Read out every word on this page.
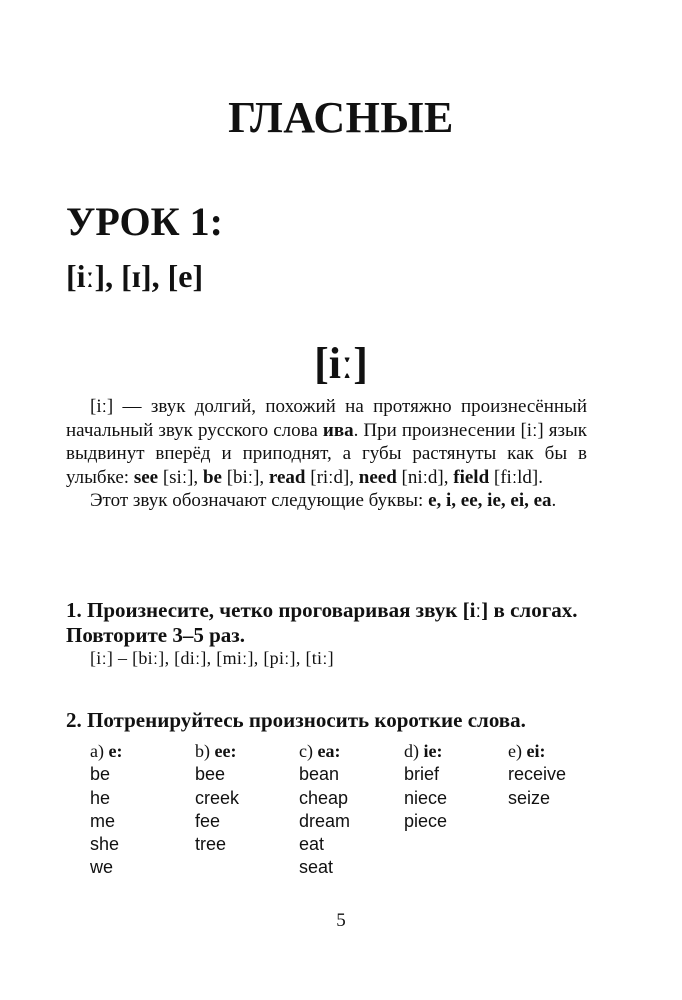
ГЛАСНЫЕ
УРОК 1:
[iː], [ɪ], [e]
[iː]

[iː] — звук долгий, похожий на протяжно произнесённый начальный звук русского слова ива. При произнесении [iː] язык выдвинут вперёд и приподнят, а губы растянуты как бы в улыбке: see [siː], be [biː], read [riːd], need [niːd], field [fiːld].

Этот звук обозначают следующие буквы: e, i, ee, ie, ei, ea.

1. Произнесите, четко проговаривая звук [iː] в слогах. Повторите 3–5 раз.
[iː] – [biː], [diː], [miː], [piː], [tiː]
2. Потренируйтесь произносить короткие слова.
a) e:
be
he
me
she
we
b) ee:
bee
creek
fee
tree
c) ea:
bean
cheap
dream
eat
seat
d) ie:
brief
niece
piece
e) ei:
receive
seize
5
